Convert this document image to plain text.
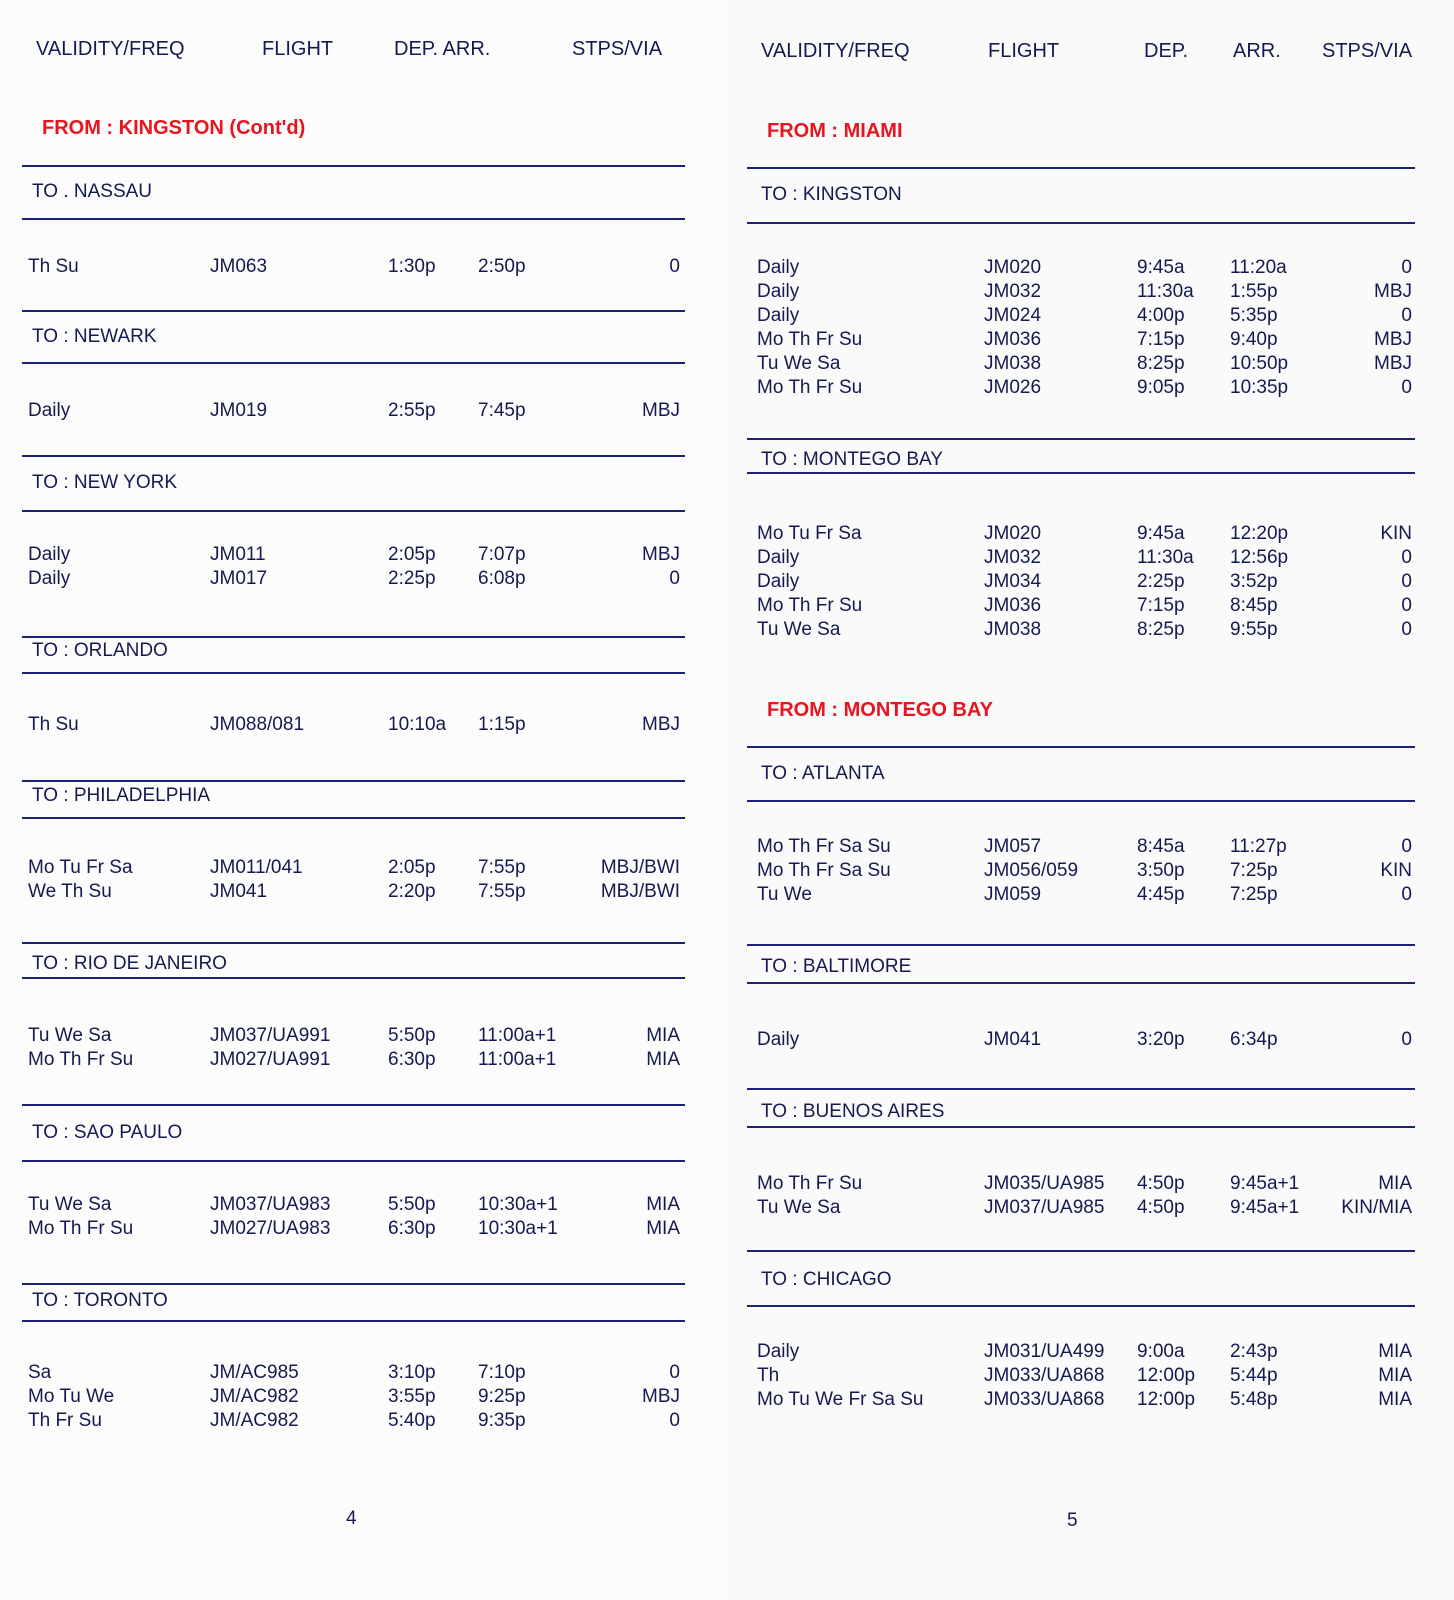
VALIDITY/FREQ	FLIGHT	DEP. ARR.	STPS/VIA
FROM : KINGSTON (Cont'd)
TO . NASSAU
Th Su	JM063	1:30p 2:50p	0
TO : NEWARK
Daily	JM019	2:55p 7:45p	MBJ
TO : NEW YORK
Daily	JM011	2:05p 7:07p	MBJ
Daily	JM017	2:25p 6:08p	0
TO : ORLANDO
Th Su	JM088/081	10:10a 1:15p	MBJ
TO : PHILADELPHIA
Mo Tu Fr Sa	JM011/041	2:05p 7:55p	MBJ/BWI
We Th Su	JM041	2:20p 7:55p	MBJ/BWI
TO : RIO DE JANEIRO
Tu We Sa	JM037/UA991	5:50p 11:00a+1	MIA
Mo Th Fr Su	JM027/UA991	6:30p 11:00a+1	MIA
TO : SAO PAULO
Tu We Sa	JM037/UA983	5:50p 10:30a+1	MIA
Mo Th Fr Su	JM027/UA983	6:30p 10:30a+1	MIA
TO : TORONTO
Sa	JM/AC985	3:10p 7:10p	0
Mo Tu We	JM/AC982	3:55p 9:25p	MBJ
Th Fr Su	JM/AC982	5:40p 9:35p	0
4
VALIDITY/FREQ	FLIGHT	DEP. ARR. STPS/VIA
FROM : MIAMI
TO : KINGSTON
Daily	JM020	9:45a 11:20a	0
Daily	JM032	11:30a 1:55p	MBJ
Daily	JM024	4:00p 5:35p	0
Mo Th Fr Su	JM036	7:15p 9:40p	MBJ
Tu We Sa	JM038	8:25p 10:50p	MBJ
Mo Th Fr Su	JM026	9:05p 10:35p	0
TO : MONTEGO BAY
Mo Tu Fr Sa	JM020	9:45a 12:20p	KIN
Daily	JM032	11:30a 12:56p	0
Daily	JM034	2:25p 3:52p	0
Mo Th Fr Su	JM036	7:15p 8:45p	0
Tu We Sa	JM038	8:25p 9:55p	0
FROM : MONTEGO BAY
TO : ATLANTA
Mo Th Fr Sa Su	JM057	8:45a 11:27p	0
Mo Th Fr Sa Su	JM056/059	3:50p 7:25p	KIN
Tu We	JM059	4:45p 7:25p	0
TO : BALTIMORE
Daily	JM041	3:20p 6:34p	0
TO : BUENOS AIRES
Mo Th Fr Su	JM035/UA985 4:50p 9:45a+1	MIA
Tu We Sa	JM037/UA985 4:50p 9:45a+1	KIN/MIA
TO : CHICAGO
Daily	JM031/UA499 9:00a 2:43p	MIA
Th	JM033/UA868 12:00p 5:44p	MIA
Mo Tu We Fr Sa Su	JM033/UA868 12:00p 5:48p	MIA
5
